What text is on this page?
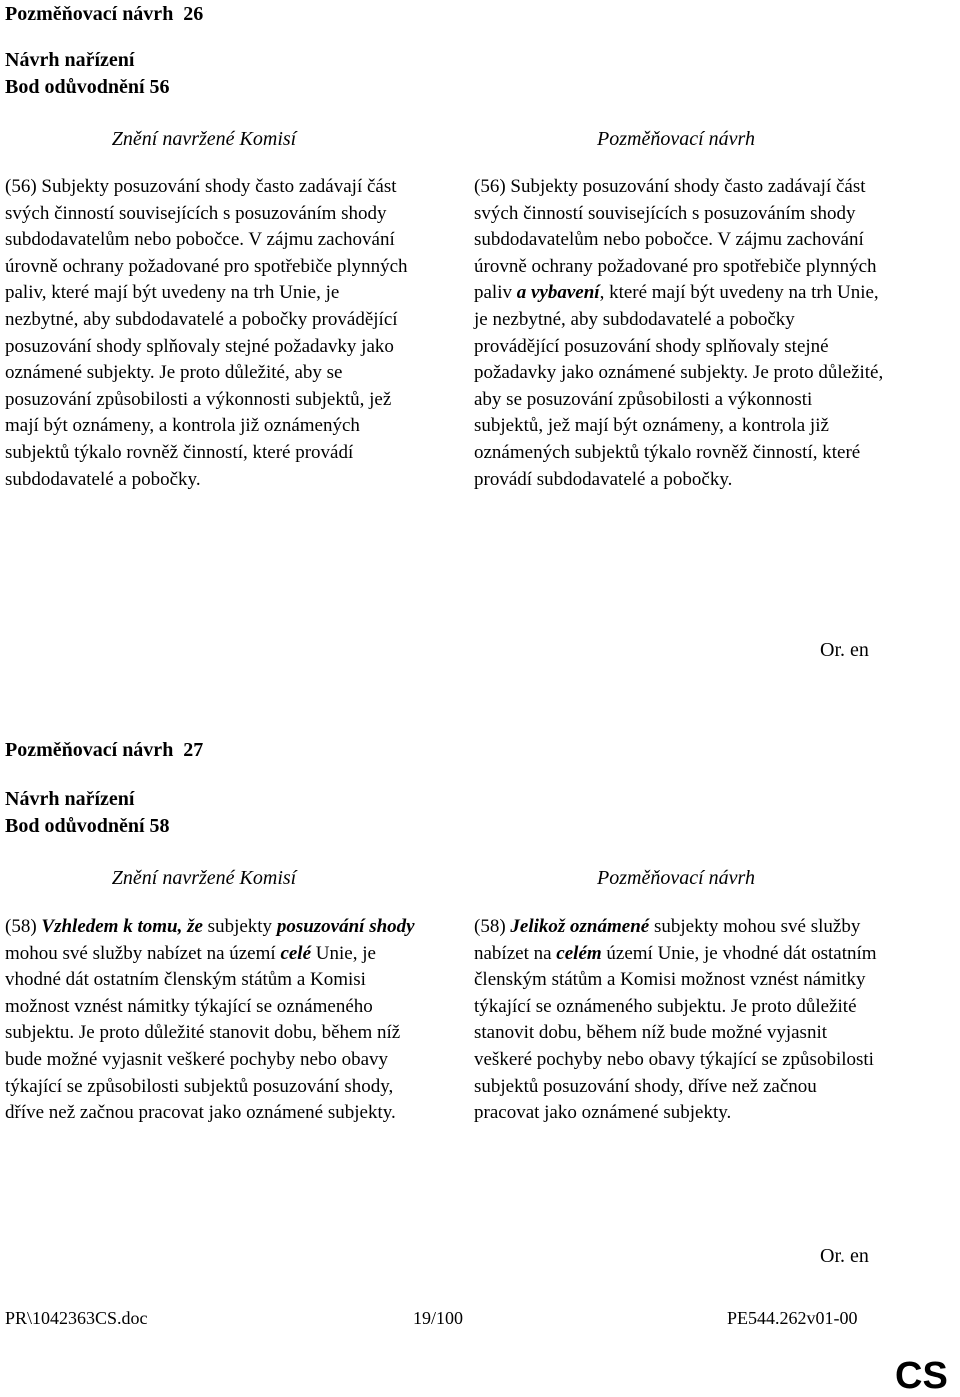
Pozměňovací návrh  26
Návrh nařízení
Bod odůvodnění 56
Znění navržené Komisí	Pozměňovací návrh

(56) Subjekty posuzování shody často zadávají část svých činností souvisejících s posuzováním shody subdodavatelům nebo pobočce. V zájmu zachování úrovně ochrany požadované pro spotřebiče plynných paliv, které mají být uvedeny na trh Unie, je nezbytné, aby subdodavatelé a pobočky provádějící posuzování shody splňovaly stejné požadavky jako oznámené subjekty. Je proto důležité, aby se posuzování způsobilosti a výkonnosti subjektů, jež mají být oznámeny, a kontrola již oznámených subjektů týkalo rovněž činností, které provádí subdodavatelé a pobočky.

(56) Subjekty posuzování shody často zadávají část svých činností souvisejících s posuzováním shody subdodavatelům nebo pobočce. V zájmu zachování úrovně ochrany požadované pro spotřebiče plynných paliv a vybavení, které mají být uvedeny na trh Unie, je nezbytné, aby subdodavatelé a pobočky provádějící posuzování shody splňovaly stejné požadavky jako oznámené subjekty. Je proto důležité, aby se posuzování způsobilosti a výkonnosti subjektů, jež mají být oznámeny, a kontrola již oznámených subjektů týkalo rovněž činností, které provádí subdodavatelé a pobočky.

Or. en
Pozměňovací návrh  27
Návrh nařízení
Bod odůvodnění 58
Znění navržené Komisí	Pozměňovací návrh

(58) Vzhledem k tomu, že subjekty posuzování shody mohou své služby nabízet na území celé Unie, je vhodné dát ostatním členským státům a Komisi možnost vznést námitky týkající se oznámeného subjektu. Je proto důležité stanovit dobu, během níž bude možné vyjasnit veškeré pochyby nebo obavy týkající se způsobilosti subjektů posuzování shody, dříve než začnou pracovat jako oznámené subjekty.

(58) Jelikož oznámené subjekty mohou své služby nabízet na celém území Unie, je vhodné dát ostatním členským státům a Komisi možnost vznést námitky týkající se oznámeného subjektu. Je proto důležité stanovit dobu, během níž bude možné vyjasnit veškeré pochyby nebo obavy týkající se způsobilosti subjektů posuzování shody, dříve než začnou pracovat jako oznámené subjekty.

Or. en
PR\1042363CS.doc	19/100	PE544.262v01-00
CS
